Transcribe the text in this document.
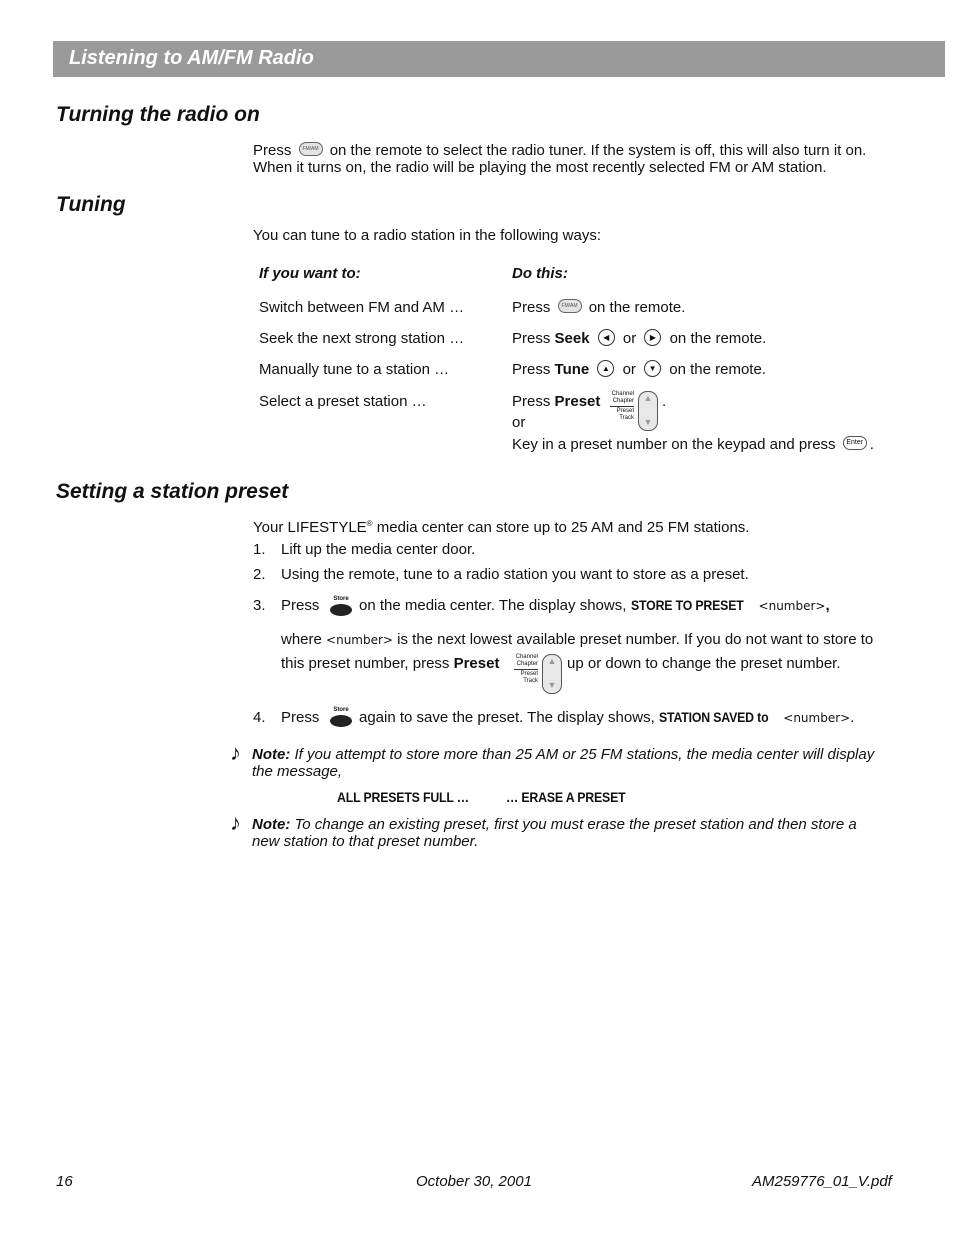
Listening to AM/FM Radio
Turning the radio on
Press	FM/AM on the remote to select the radio tuner. If the system is off, this will also turn it on.
When it turns on, the radio will be playing the most recently selected FM or AM station.
Tuning
You can tune to a radio station in the following ways:
If you want to:	Do this:
Switch between FM and AM …	Press	FM/AM on the remote.
Seek the next strong station …	Press Seek ◀ or ▶ on the remote.
Manually tune to a station …	Press Tune ▲ or ▼ on the remote.
Select a preset station …	Press Preset Channel
Chapter
Preset
Track
▲
▼
.
or
Key in a preset number on the keypad and press Enter .
Setting a station preset
Your LIFESTYLE® media center can store up to 25 AM and 25 FM stations.
1. Lift up the media center door.
2. Using the remote, tune to a radio station you want to store as a preset.
3. Press	Store on the media center. The display shows, STORE TO PRESET <number>,
where <number> is the next lowest available preset number. If you do not want to store to
this preset number, press Preset	Channel
Chapter
Preset
Track
▲
▼
up or down to change the preset number.
4. Press	Store again to save the preset. The display shows, STATION SAVED to <number>.
♪ Note: If you attempt to store more than 25 AM or 25 FM stations, the media center will display
the message,
ALL PRESETS FULL …	… ERASE A PRESET
♪ Note: To change an existing preset, first you must erase the preset station and then store a
new station to that preset number.
16	October 30, 2001	AM259776_01_V.pdf
